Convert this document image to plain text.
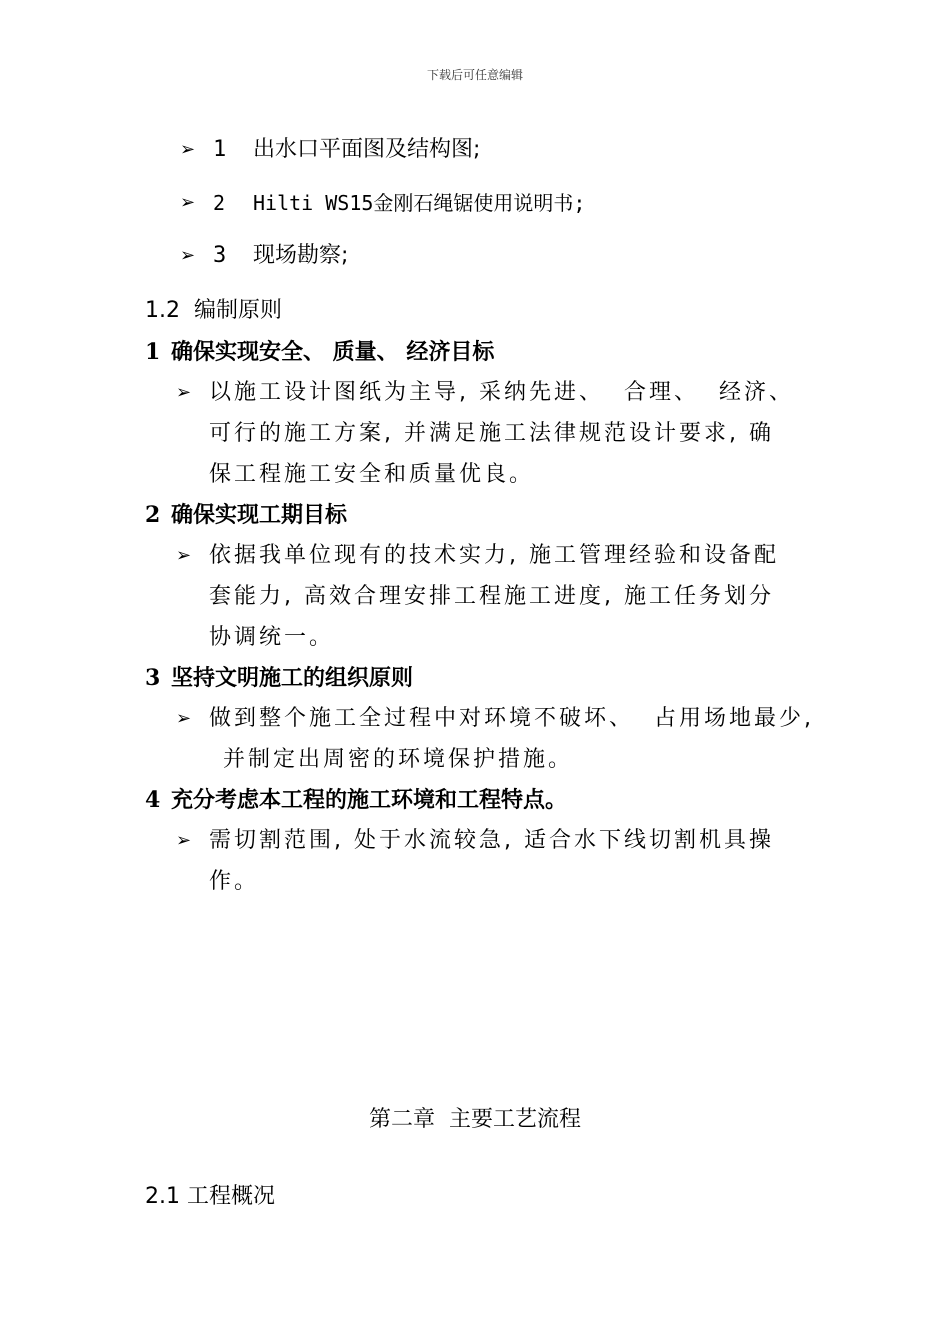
下载后可任意编辑
➢ 1 出水口平面图及结构图;
➢ 2 Hilti WS15金刚石绳锯使用说明书;
➢ 3 现场勘察;
1.2  编制原则
1 确保实现安全、 质量、 经济目标
➢ 以施工设计图纸为主导, 采纳先进、  合理、  经济、
可行的施工方案, 并满足施工法律规范设计要求, 确
保工程施工安全和质量优良。
2 确保实现工期目标
➢ 依据我单位现有的技术实力, 施工管理经验和设备配
套能力, 高效合理安排工程施工进度, 施工任务划分
协调统一。
3 坚持文明施工的组织原则
➢ 做到整个施工全过程中对环境不破坏、  占用场地最少,
并制定出周密的环境保护措施。
4 充分考虑本工程的施工环境和工程特点。
➢ 需切割范围, 处于水流较急, 适合水下线切割机具操
作。
第二章  主要工艺流程
2.1 工程概况
